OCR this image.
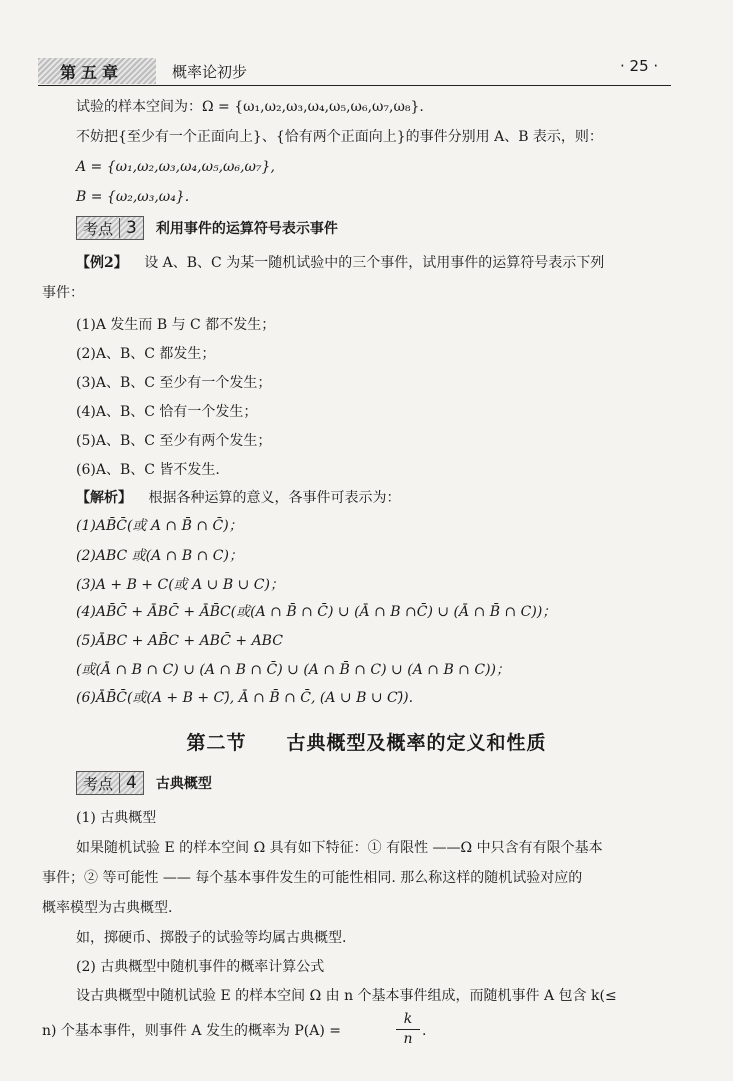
第五章	概率论初步	· 25 ·
试验的样本空间为：Ω = {ω₁,ω₂,ω₃,ω₄,ω₅,ω₆,ω₇,ω₈}.
不妨把{至少有一个正面向上}、{恰有两个正面向上}的事件分别用 A、B 表示，则：
A = {ω₁,ω₂,ω₃,ω₄,ω₅,ω₆,ω₇},
B = {ω₂,ω₃,ω₄}.
考点 3 利用事件的运算符号表示事件
【例2】 设 A、B、C 为某一随机试验中的三个事件，试用事件的运算符号表示下列
事件：
(1)A 发生而 B 与 C 都不发生；
(2)A、B、C 都发生；
(3)A、B、C 至少有一个发生；
(4)A、B、C 恰有一个发生；
(5)A、B、C 至少有两个发生；
(6)A、B、C 皆不发生.
【解析】 根据各种运算的意义，各事件可表示为：
(1)AB̄C̄(或 A ∩ B̄ ∩ C̄)；
(2)ABC 或(A ∩ B ∩ C)；
(3)A + B + C(或 A ∪ B ∪ C)；
(4)AB̄C̄ + ĀBC̄ + ĀB̄C(或(A ∩ B̄ ∩ C̄) ∪ (Ā ∩ B ∩C̄) ∪ (Ā ∩ B̄ ∩ C))；
(5)ĀBC + AB̄C + ABC̄ + ABC
(或(Ā ∩ B ∩ C) ∪ (A ∩ B ∩ C̄) ∪ (A ∩ B̄ ∩ C) ∪ (A ∩ B ∩ C))；
(6)ĀB̄C̄(或(A + B + C)̄, Ā ∩ B̄ ∩ C̄, (A ∪ B ∪ C)̄).
第二节　　古典概型及概率的定义和性质
考点 4 古典概型
(1) 古典概型
如果随机试验 E 的样本空间 Ω 具有如下特征：① 有限性 ——Ω 中只含有有限个基本
事件；② 等可能性 —— 每个基本事件发生的可能性相同. 那么称这样的随机试验对应的
概率模型为古典概型.
如，掷硬币、掷骰子的试验等均属古典概型.
(2) 古典概型中随机事件的概率计算公式
设古典概型中随机试验 E 的样本空间 Ω 由 n 个基本事件组成，而随机事件 A 包含 k(≤
n) 个基本事件，则事件 A 发生的概率为 P(A) =
k
n .
